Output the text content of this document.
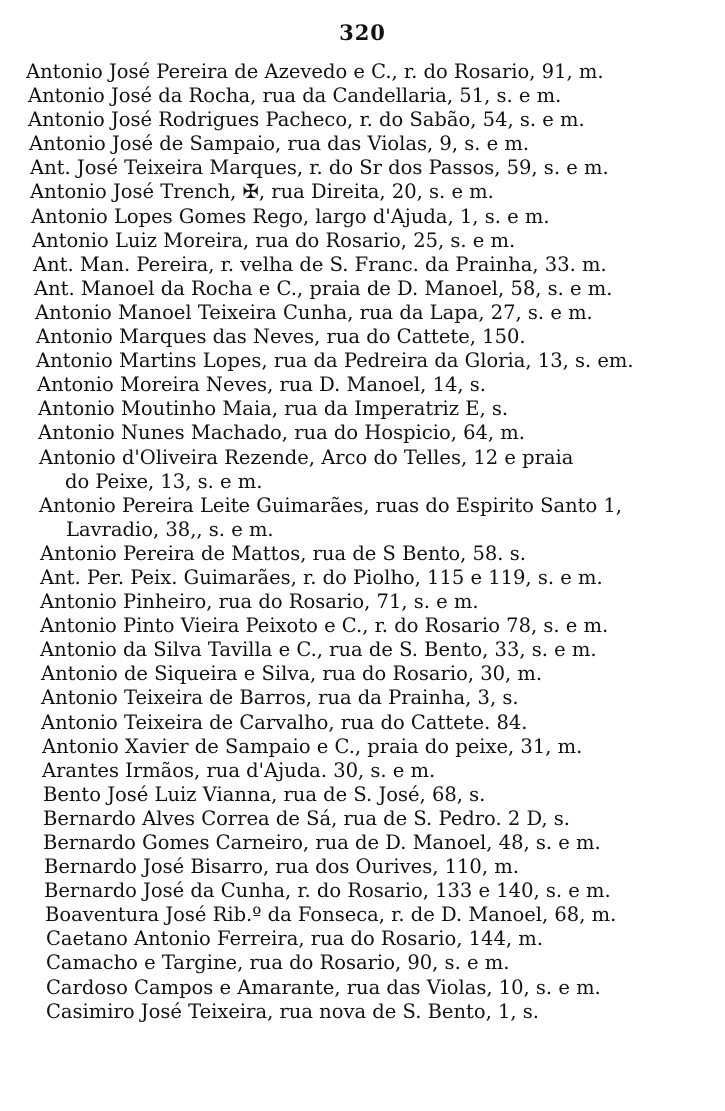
320
Antonio José Pereira de Azevedo e C., r. do Rosario, 91, m.
Antonio José da Rocha, rua da Candellaria, 51, s. e m.
Antonio José Rodrigues Pacheco, r. do Sabão, 54, s. e m.
Antonio José de Sampaio, rua das Violas, 9, s. e m.
Ant. José Teixeira Marques, r. do Sr dos Passos, 59, s. e m.
Antonio José Trench, ✠, rua Direita, 20, s. e m.
Antonio Lopes Gomes Rego, largo d'Ajuda, 1, s. e m.
Antonio Luiz Moreira, rua do Rosario, 25, s. e m.
Ant. Man. Pereira, r. velha de S. Franc. da Prainha, 33. m.
Ant. Manoel da Rocha e C., praia de D. Manoel, 58, s. e m.
Antonio Manoel Teixeira Cunha, rua da Lapa, 27, s. e m.
Antonio Marques das Neves, rua do Cattete, 150.
Antonio Martins Lopes, rua da Pedreira da Gloria, 13, s. em.
Antonio Moreira Neves, rua D. Manoel, 14, s.
Antonio Moutinho Maia, rua da Imperatriz E, s.
Antonio Nunes Machado, rua do Hospicio, 64, m.
Antonio d'Oliveira Rezende, Arco do Telles, 12 e praia
do Peixe, 13, s. e m.
Antonio Pereira Leite Guimarães, ruas do Espirito Santo 1,
Lavradio, 38,, s. e m.
Antonio Pereira de Mattos, rua de S Bento, 58. s.
Ant. Per. Peix. Guimarães, r. do Piolho, 115 e 119, s. e m.
Antonio Pinheiro, rua do Rosario, 71, s. e m.
Antonio Pinto Vieira Peixoto e C., r. do Rosario 78, s. e m.
Antonio da Silva Tavilla e C., rua de S. Bento, 33, s. e m.
Antonio de Siqueira e Silva, rua do Rosario, 30, m.
Antonio Teixeira de Barros, rua da Prainha, 3, s.
Antonio Teixeira de Carvalho, rua do Cattete. 84.
Antonio Xavier de Sampaio e C., praia do peixe, 31, m.
Arantes Irmãos, rua d'Ajuda. 30, s. e m.
Bento José Luiz Vianna, rua de S. José, 68, s.
Bernardo Alves Correa de Sá, rua de S. Pedro. 2 D, s.
Bernardo Gomes Carneiro, rua de D. Manoel, 48, s. e m.
Bernardo José Bisarro, rua dos Ourives, 110, m.
Bernardo José da Cunha, r. do Rosario, 133 e 140, s. e m.
Boaventura José Rib.º da Fonseca, r. de D. Manoel, 68, m.
Caetano Antonio Ferreira, rua do Rosario, 144, m.
Camacho e Targine, rua do Rosario, 90, s. e m.
Cardoso Campos e Amarante, rua das Violas, 10, s. e m.
Casimiro José Teixeira, rua nova de S. Bento, 1, s.
